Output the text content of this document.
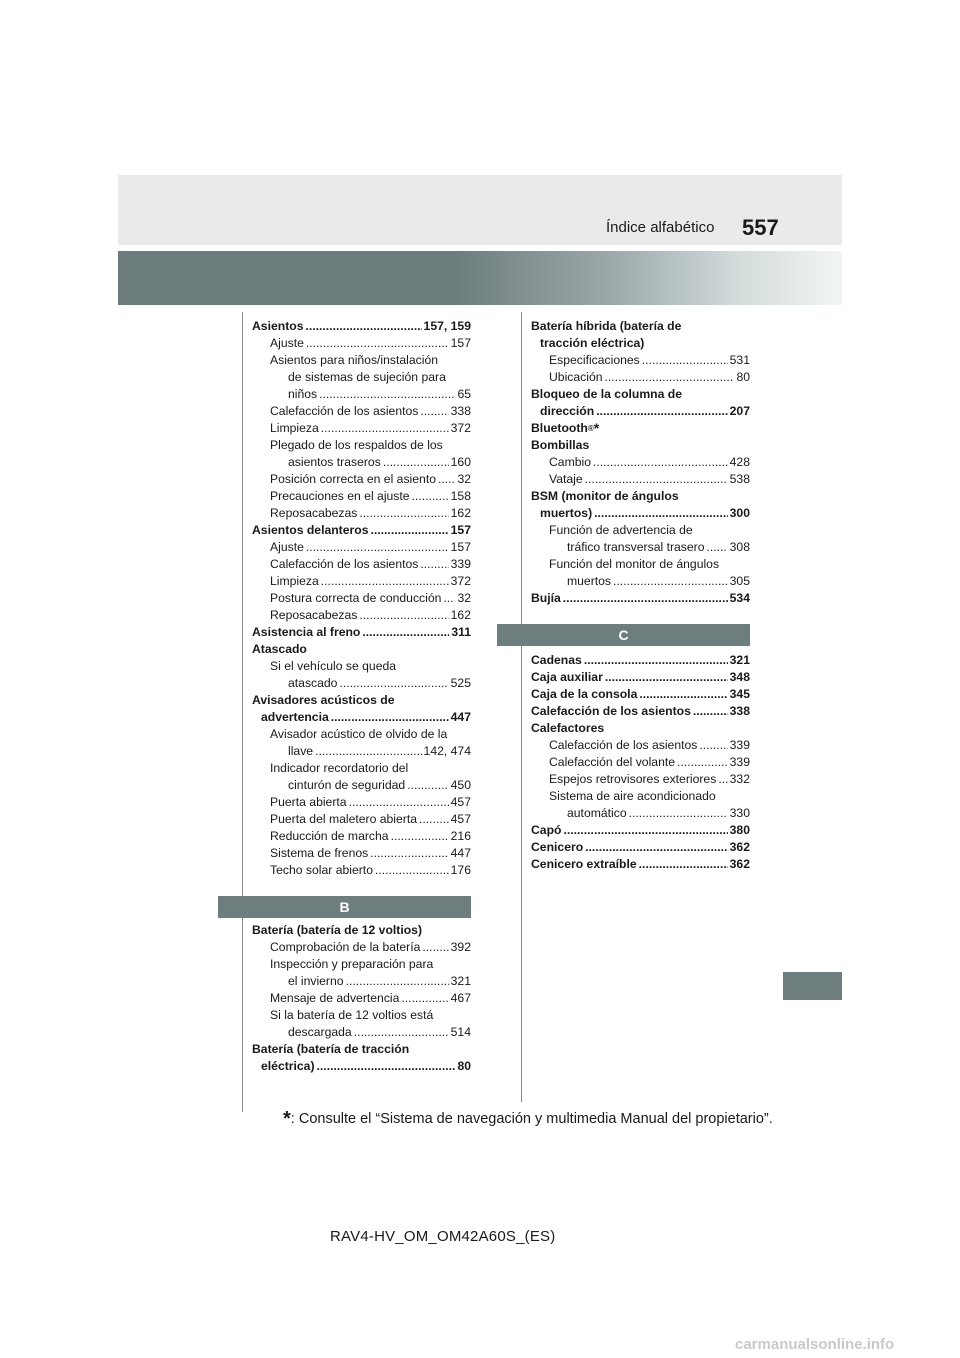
Índice alfabético 557
Asientos .....	157, 159
Ajuste .....	157
Asientos para niños/instalación
de sistemas de sujeción para
niños .....	65
Calefacción de los asientos .....	338
Limpieza .....	372
Plegado de los respaldos de los
asientos traseros .....	160
Posición correcta en el asiento ..... 32
Precauciones en el ajuste .....	158
Reposacabezas .....	162
Asientos delanteros .....	157
Ajuste .....	157
Calefacción de los asientos .....	339
Limpieza .....	372
Postura correcta de conducción ..... 32
Reposacabezas .....	162
Asistencia al freno .....	311
Atascado
Si el vehículo se queda
atascado .....	525
Avisadores acústicos de
advertencia .....	447
Avisador acústico de olvido de la
llave .....	142, 474
Indicador recordatorio del
cinturón de seguridad .....	450
Puerta abierta .....	457
Puerta del maletero abierta .....	457
Reducción de marcha .....	216
Sistema de frenos .....	447
Techo solar abierto .....	176
B
Batería (batería de 12 voltios)
Comprobación de la batería ..... 392
Inspección y preparación para
el invierno .....	321
Mensaje de advertencia .....	467
Si la batería de 12 voltios está
descargada .....	514
Batería (batería de tracción
eléctrica) .....	80
Batería híbrida (batería de
tracción eléctrica)
Especificaciones .....	531
Ubicación .....	80
Bloqueo de la columna de
dirección .....	207
Bluetooth ® *
Bombillas
Cambio .....	428
Vataje .....	538
BSM (monitor de ángulos
muertos) .....	300
Función de advertencia de
tráfico transversal trasero ..... 308
Función del monitor de ángulos
muertos .....	305
Bujía .....	534
C
Cadenas .....	321
Caja auxiliar .....	348
Caja de la consola .....	345
Calefacción de los asientos .....	338
Calefactores
Calefacción de los asientos .....	339
Calefacción del volante .....	339
Espejos retrovisores exteriores ..... 332
Sistema de aire acondicionado
automático .....	330
Capó .....	380
Cenicero .....	362
Cenicero extraíble .....	362
*: Consulte el “Sistema de navegación y multimedia Manual del propietario”.
RAV4-HV_OM_OM42A60S_(ES)
carmanualsonline.info
